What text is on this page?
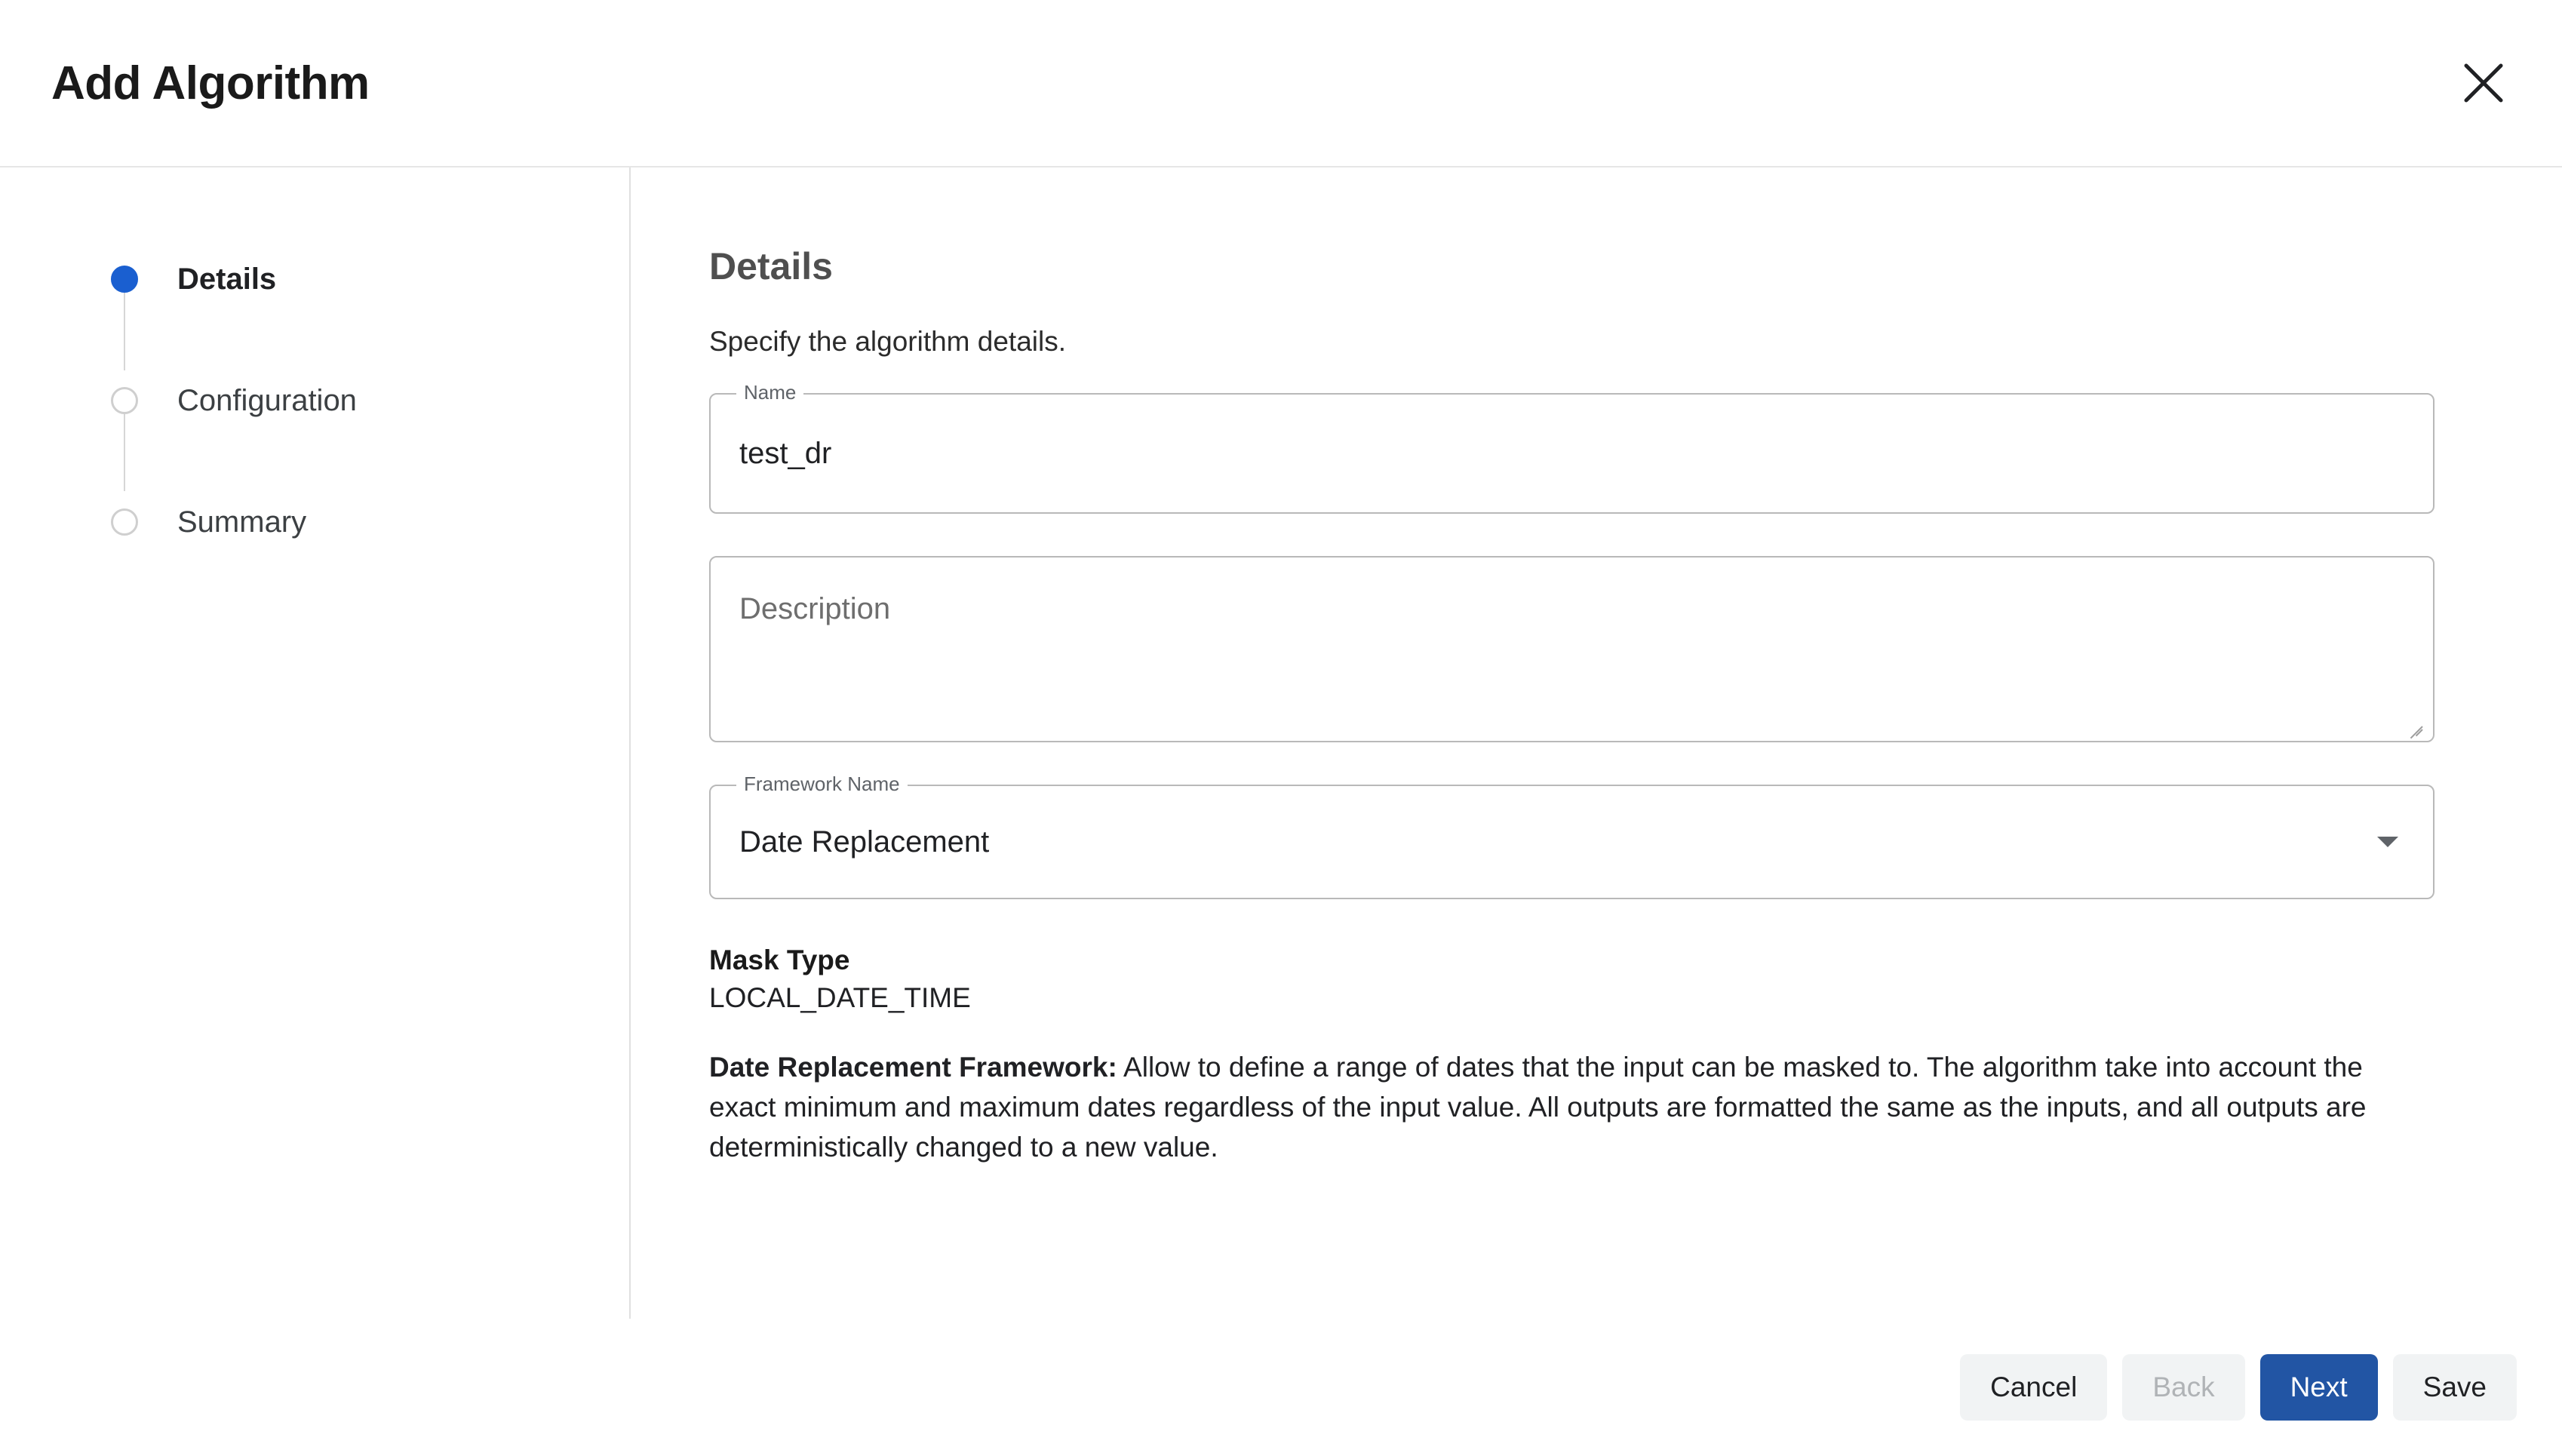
Add Algorithm
Details
Configuration
Summary
Details

Specify the algorithm details.

Name
test_dr
Description
Framework Name
Date Replacement
Mask Type
LOCAL_DATE_TIME

Date Replacement Framework: Allow to define a range of dates that the input can be masked to. The algorithm take into account the exact minimum and maximum dates regardless of the input value. All outputs are formatted the same as the inputs, and all outputs are deterministically changed to a new value.

Cancel	Back	Next	Save
